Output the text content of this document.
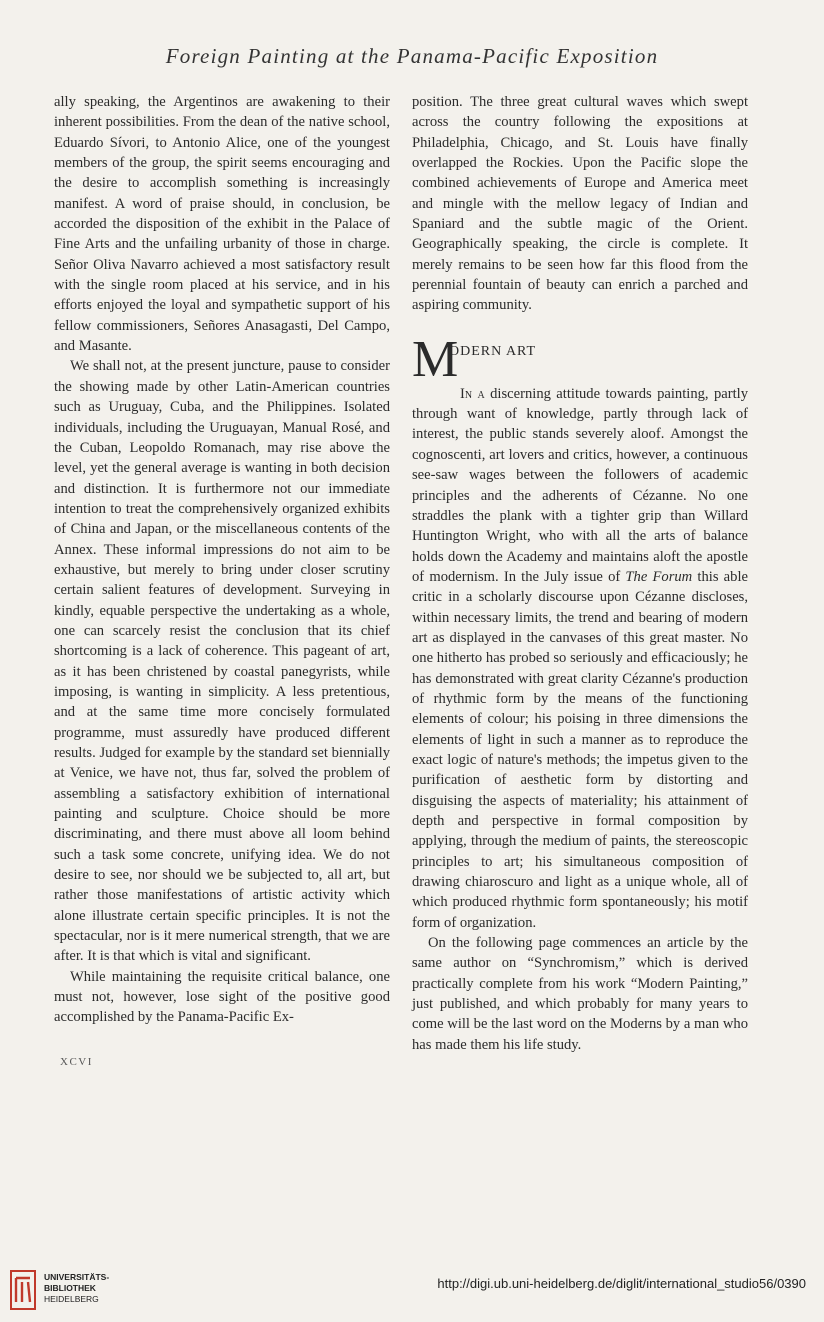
Foreign Painting at the Panama-Pacific Exposition

ally speaking, the Argentinos are awakening to their inherent possibilities. From the dean of the native school, Eduardo Sívori, to Antonio Alice, one of the youngest members of the group, the spirit seems encouraging and the desire to accomplish something is increasingly manifest. A word of praise should, in conclusion, be accorded the disposition of the exhibit in the Palace of Fine Arts and the unfailing urbanity of those in charge. Señor Oliva Navarro achieved a most satisfactory result with the single room placed at his service, and in his efforts enjoyed the loyal and sympathetic support of his fellow commissioners, Señores Anasagasti, Del Campo, and Masante.

We shall not, at the present juncture, pause to consider the showing made by other Latin-American countries such as Uruguay, Cuba, and the Philippines. Isolated individuals, including the Uruguayan, Manual Rosé, and the Cuban, Leopoldo Romanach, may rise above the level, yet the general average is wanting in both decision and distinction. It is furthermore not our immediate intention to treat the comprehensively organized exhibits of China and Japan, or the miscellaneous contents of the Annex. These informal impressions do not aim to be exhaustive, but merely to bring under closer scrutiny certain salient features of development. Surveying in kindly, equable perspective the undertaking as a whole, one can scarcely resist the conclusion that its chief shortcoming is a lack of coherence. This pageant of art, as it has been christened by coastal panegyrists, while imposing, is wanting in simplicity. A less pretentious, and at the same time more concisely formulated programme, must assuredly have produced different results. Judged for example by the standard set biennially at Venice, we have not, thus far, solved the problem of assembling a satisfactory exhibition of international painting and sculpture. Choice should be more discriminating, and there must above all loom behind such a task some concrete, unifying idea. We do not desire to see, nor should we be subjected to, all art, but rather those manifestations of artistic activity which alone illustrate certain specific principles. It is not the spectacular, nor is it mere numerical strength, that we are after. It is that which is vital and significant.

While maintaining the requisite critical balance, one must not, however, lose sight of the positive good accomplished by the Panama-Pacific Ex-

position. The three great cultural waves which swept across the country following the expositions at Philadelphia, Chicago, and St. Louis have finally overlapped the Rockies. Upon the Pacific slope the combined achievements of Europe and America meet and mingle with the mellow legacy of Indian and Spaniard and the subtle magic of the Orient. Geographically speaking, the circle is complete. It merely remains to be seen how far this flood from the perennial fountain of beauty can enrich a parched and aspiring community.

M
ODERN ART

In a discerning attitude towards painting, partly through want of knowledge, partly through lack of interest, the public stands severely aloof. Amongst the cognoscenti, art lovers and critics, however, a continuous see-saw wages between the followers of academic principles and the adherents of Cézanne. No one straddles the plank with a tighter grip than Willard Huntington Wright, who with all the arts of balance holds down the Academy and maintains aloft the apostle of modernism. In the July issue of The Forum this able critic in a scholarly discourse upon Cézanne discloses, within necessary limits, the trend and bearing of modern art as displayed in the canvases of this great master. No one hitherto has probed so seriously and efficaciously; he has demonstrated with great clarity Cézanne's production of rhythmic form by the means of the functioning elements of colour; his poising in three dimensions the elements of light in such a manner as to reproduce the exact logic of nature's methods; the impetus given to the purification of aesthetic form by distorting and disguising the aspects of materiality; his attainment of depth and perspective in formal composition by applying, through the medium of paints, the stereoscopic principles to art; his simultaneous composition of drawing chiaroscuro and light as a unique whole, all of which produced rhythmic form spontaneously; his motif form of organization.

On the following page commences an article by the same author on “Synchromism,” which is derived practically complete from his work “Modern Painting,” just published, and which probably for many years to come will be the last word on the Moderns by a man who has made them his life study.

XCVI
UNIVERSITÄTS-
BIBLIOTHEK
HEIDELBERG
http://digi.ub.uni-heidelberg.de/diglit/international_studio56/0390
